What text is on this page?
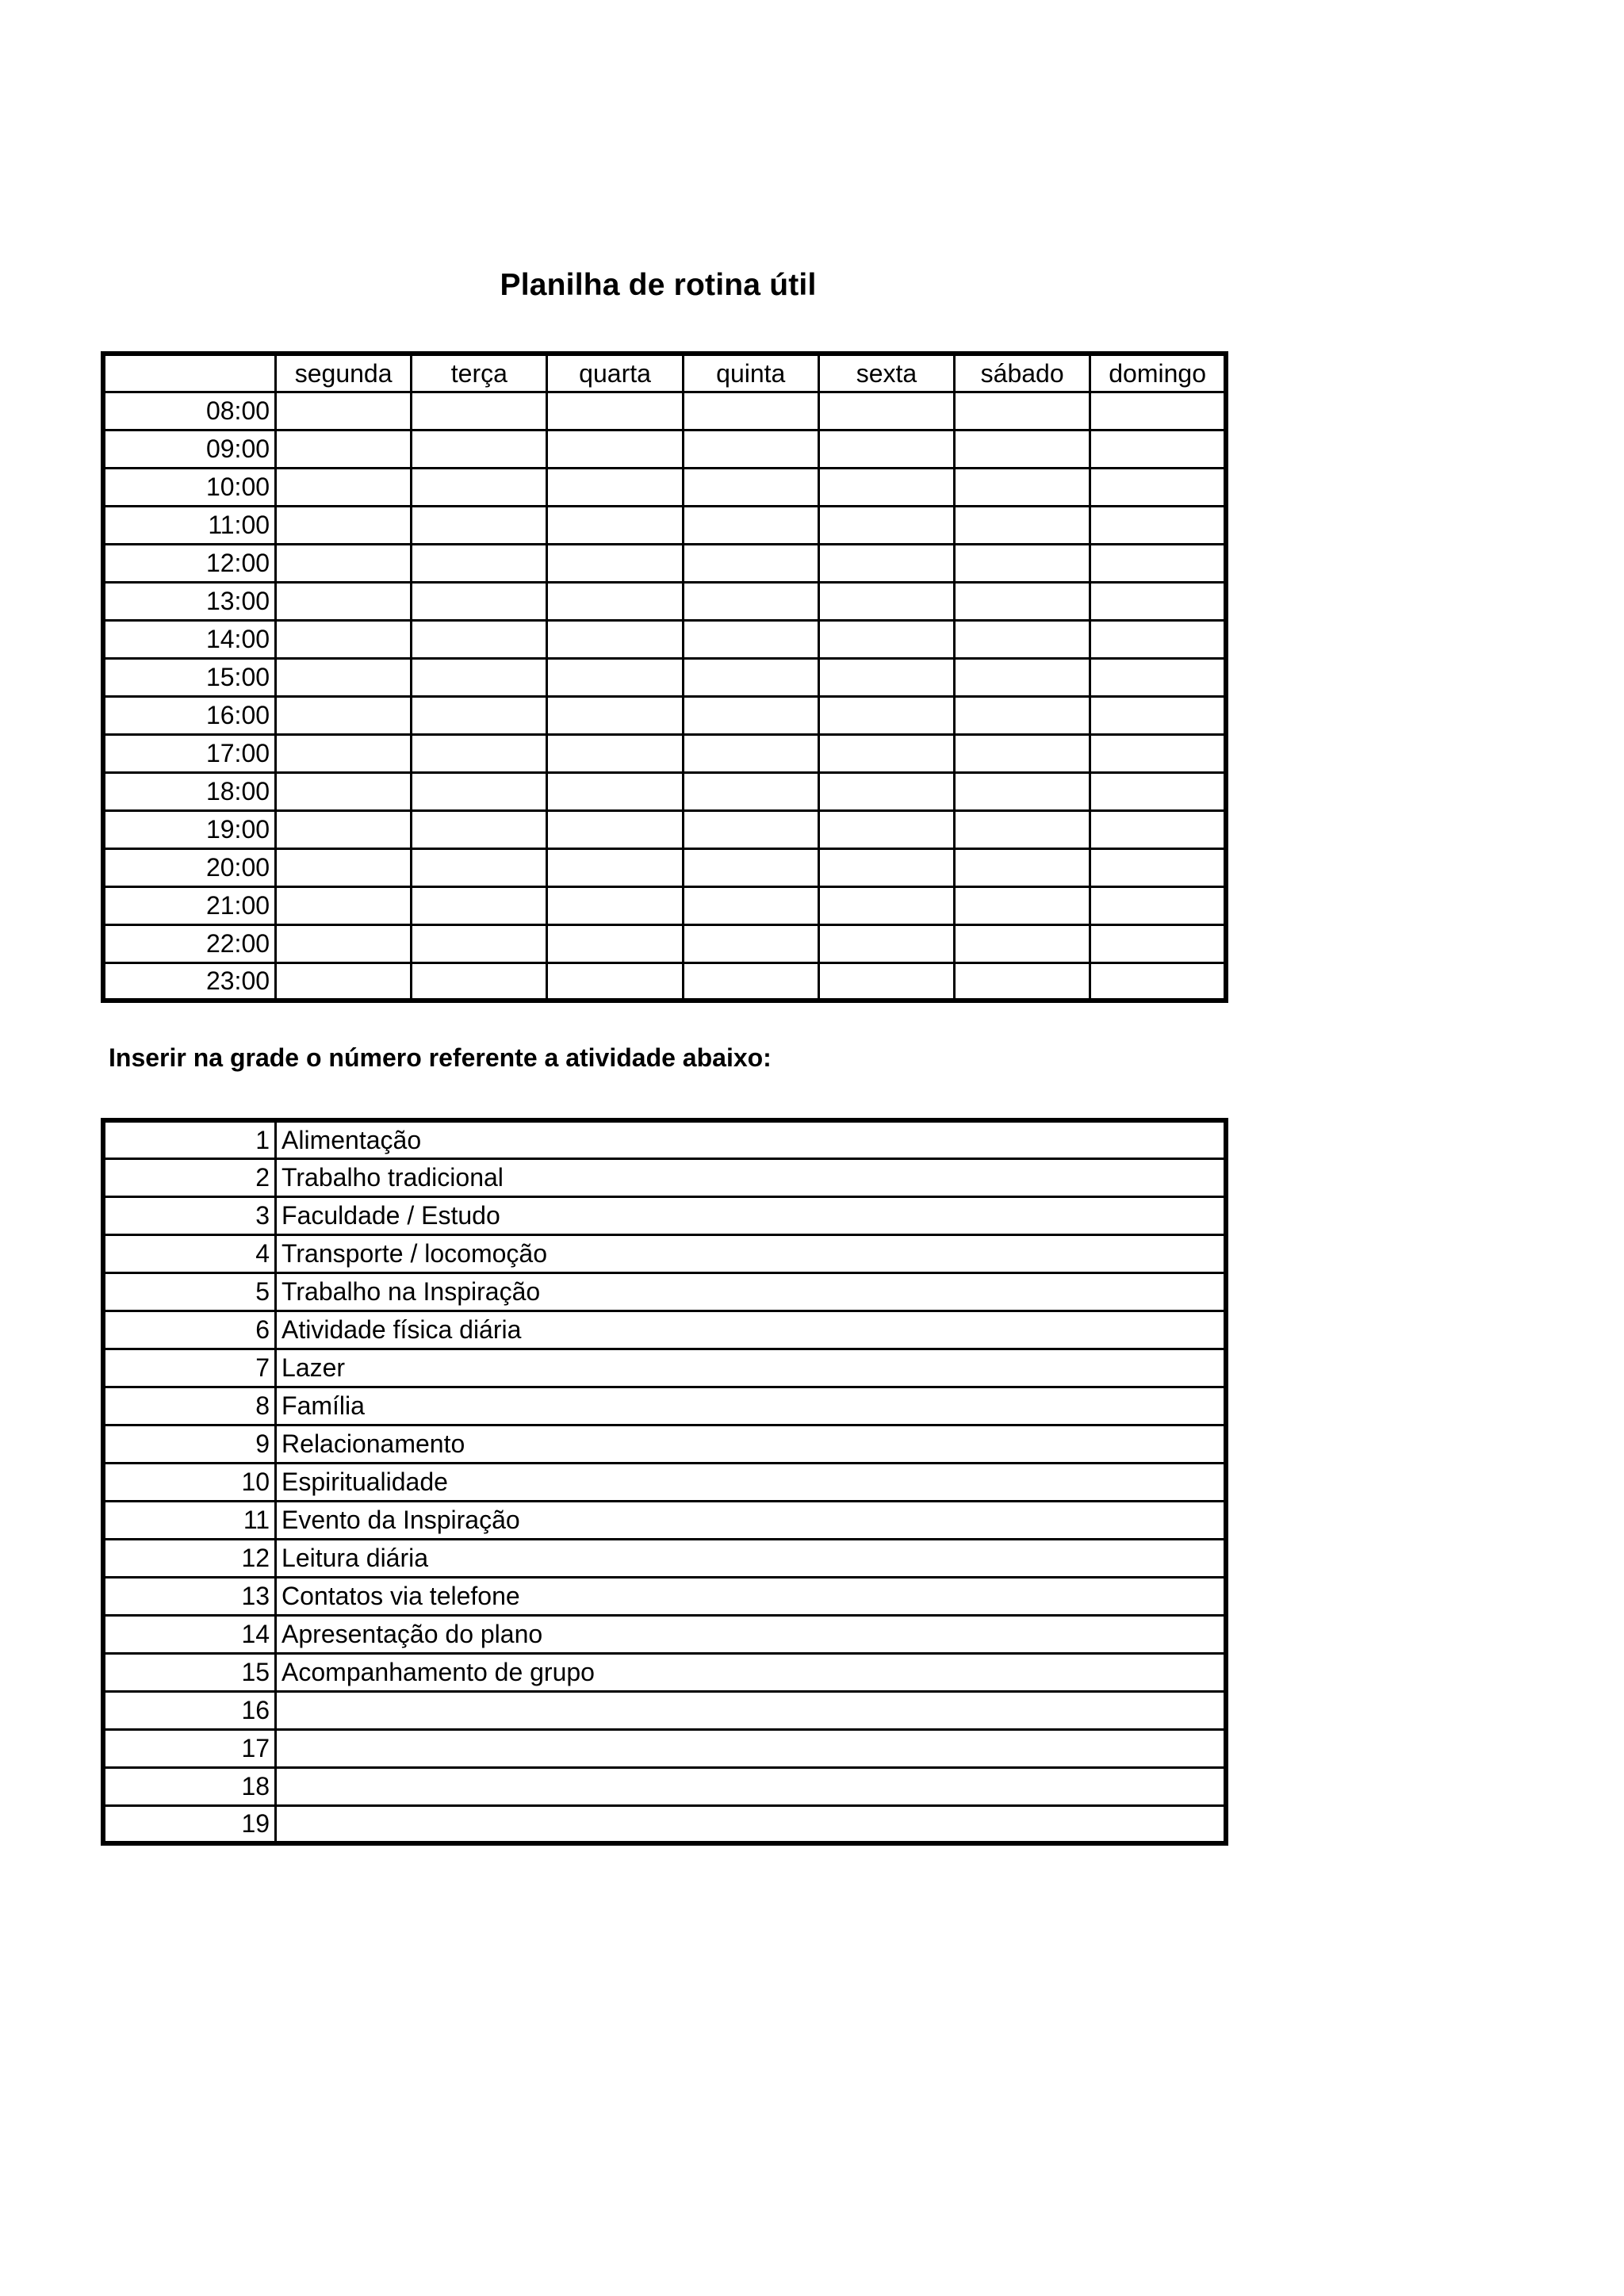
Planilha de rotina útil
	segunda	terça	quarta	quinta	sexta	sábado	domingo
08:00							
09:00							
10:00							
11:00							
12:00							
13:00							
14:00							
15:00							
16:00							
17:00							
18:00							
19:00							
20:00							
21:00							
22:00							
23:00							
Inserir na grade o número referente a atividade abaixo:
1	Alimentação
2	Trabalho tradicional
3	Faculdade / Estudo
4	Transporte / locomoção
5	Trabalho na Inspiração
6	Atividade física diária
7	Lazer
8	Família
9	Relacionamento
10	Espiritualidade
11	Evento da Inspiração
12	Leitura diária
13	Contatos via telefone
14	Apresentação do plano
15	Acompanhamento de grupo
16	
17	
18	
19	
